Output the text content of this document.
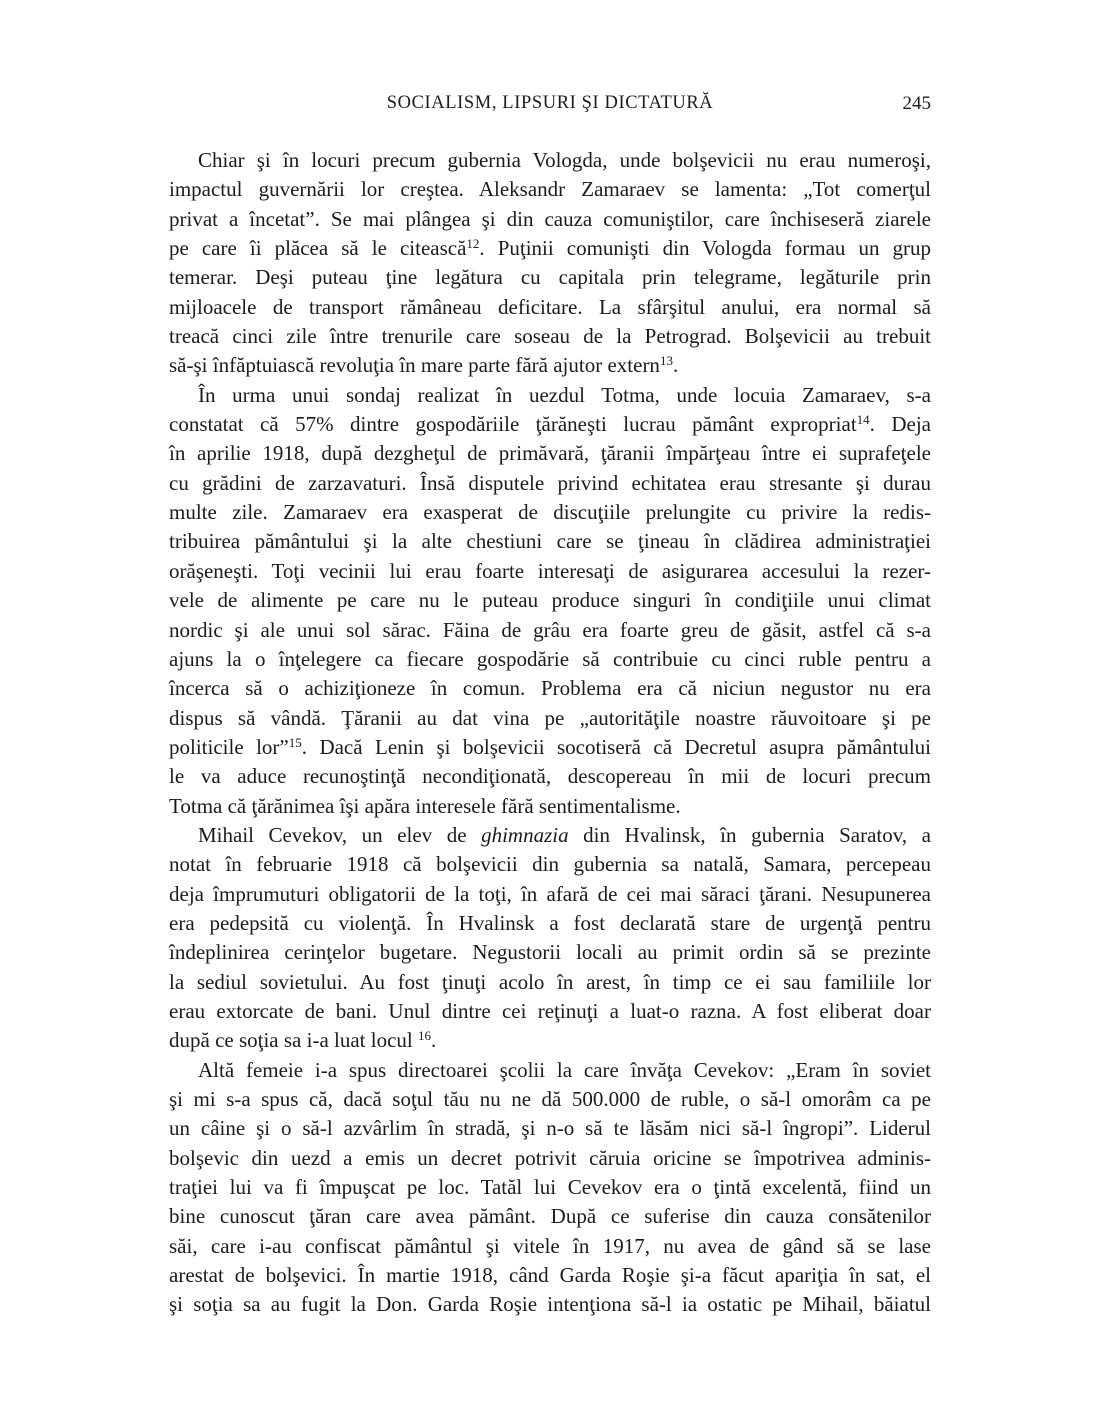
SOCIALISM, LIPSURI ŞI DICTATURĂ	245
Chiar şi în locuri precum gubernia Vologda, unde bolşevicii nu erau numeroşi,
impactul guvernării lor creştea. Aleksandr Zamaraev se lamenta: „Tot comerţul
privat a încetat”. Se mai plângea şi din cauza comuniştilor, care închiseseră ziarele
pe care îi plăcea să le citească$^{12}$. Puţinii comunişti din Vologda formau un grup
temerar. Deşi puteau ţine legătura cu capitala prin telegrame, legăturile prin
mijloacele de transport rămâneau deficitare. La sfârşitul anului, era normal să
treacă cinci zile între trenurile care soseau de la Petrograd. Bolşevicii au trebuit
să-şi înfăptuiască revoluţia în mare parte fără ajutor extern$^{13}$.
În urma unui sondaj realizat în uezdul Totma, unde locuia Zamaraev, s-a
constatat că 57% dintre gospodăriile ţărăneşti lucrau pământ expropriat$^{14}$. Deja
în aprilie 1918, după dezgheţul de primăvară, ţăranii împărţeau între ei suprafeţele
cu grădini de zarzavaturi. Însă disputele privind echitatea erau stresante şi durau
multe zile. Zamaraev era exasperat de discuţiile prelungite cu privire la redis-
tribuirea pământului şi la alte chestiuni care se ţineau în clădirea administraţiei
orăşeneşti. Toţi vecinii lui erau foarte interesaţi de asigurarea accesului la rezer-
vele de alimente pe care nu le puteau produce singuri în condiţiile unui climat
nordic şi ale unui sol sărac. Făina de grâu era foarte greu de găsit, astfel că s-a
ajuns la o înţelegere ca fiecare gospodărie să contribuie cu cinci ruble pentru a
încerca să o achiziţioneze în comun. Problema era că niciun negustor nu era
dispus să vândă. Ţăranii au dat vina pe „autorităţile noastre răuvoitoare şi pe
politicile lor”$^{15}$. Dacă Lenin şi bolşevicii socotiseră că Decretul asupra pământului
le va aduce recunoştinţă necondiţionată, descopereau în mii de locuri precum
Totma că ţărănimea îşi apăra interesele fără sentimentalisme.
Mihail Cevekov, un elev de ghimnazia din Hvalinsk, în gubernia Saratov, a
notat în februarie 1918 că bolşevicii din gubernia sa natală, Samara, percepeau
deja împrumuturi obligatorii de la toţi, în afară de cei mai săraci ţărani. Nesupunerea
era pedepsită cu violenţă. În Hvalinsk a fost declarată stare de urgenţă pentru
îndeplinirea cerinţelor bugetare. Negustorii locali au primit ordin să se prezinte
la sediul sovietului. Au fost ţinuţi acolo în arest, în timp ce ei sau familiile lor
erau extorcate de bani. Unul dintre cei reţinuţi a luat-o razna. A fost eliberat doar
după ce soţia sa i-a luat locul $^{16}$.
Altă femeie i-a spus directoarei şcolii la care învăţa Cevekov: „Eram în soviet
şi mi s-a spus că, dacă soţul tău nu ne dă 500.000 de ruble, o să-l omorâm ca pe
un câine şi o să-l azvârlim în stradă, şi n-o să te lăsăm nici să-l îngropi”. Liderul
bolşevic din uezd a emis un decret potrivit căruia oricine se împotrivea adminis-
traţiei lui va fi împuşcat pe loc. Tatăl lui Cevekov era o ţintă excelentă, fiind un
bine cunoscut ţăran care avea pământ. După ce suferise din cauza consătenilor
săi, care i-au confiscat pământul şi vitele în 1917, nu avea de gând să se lase
arestat de bolşevici. În martie 1918, când Garda Roşie şi-a făcut apariţia în sat, el
şi soţia sa au fugit la Don. Garda Roşie intenţiona să-l ia ostatic pe Mihail, băiatul
